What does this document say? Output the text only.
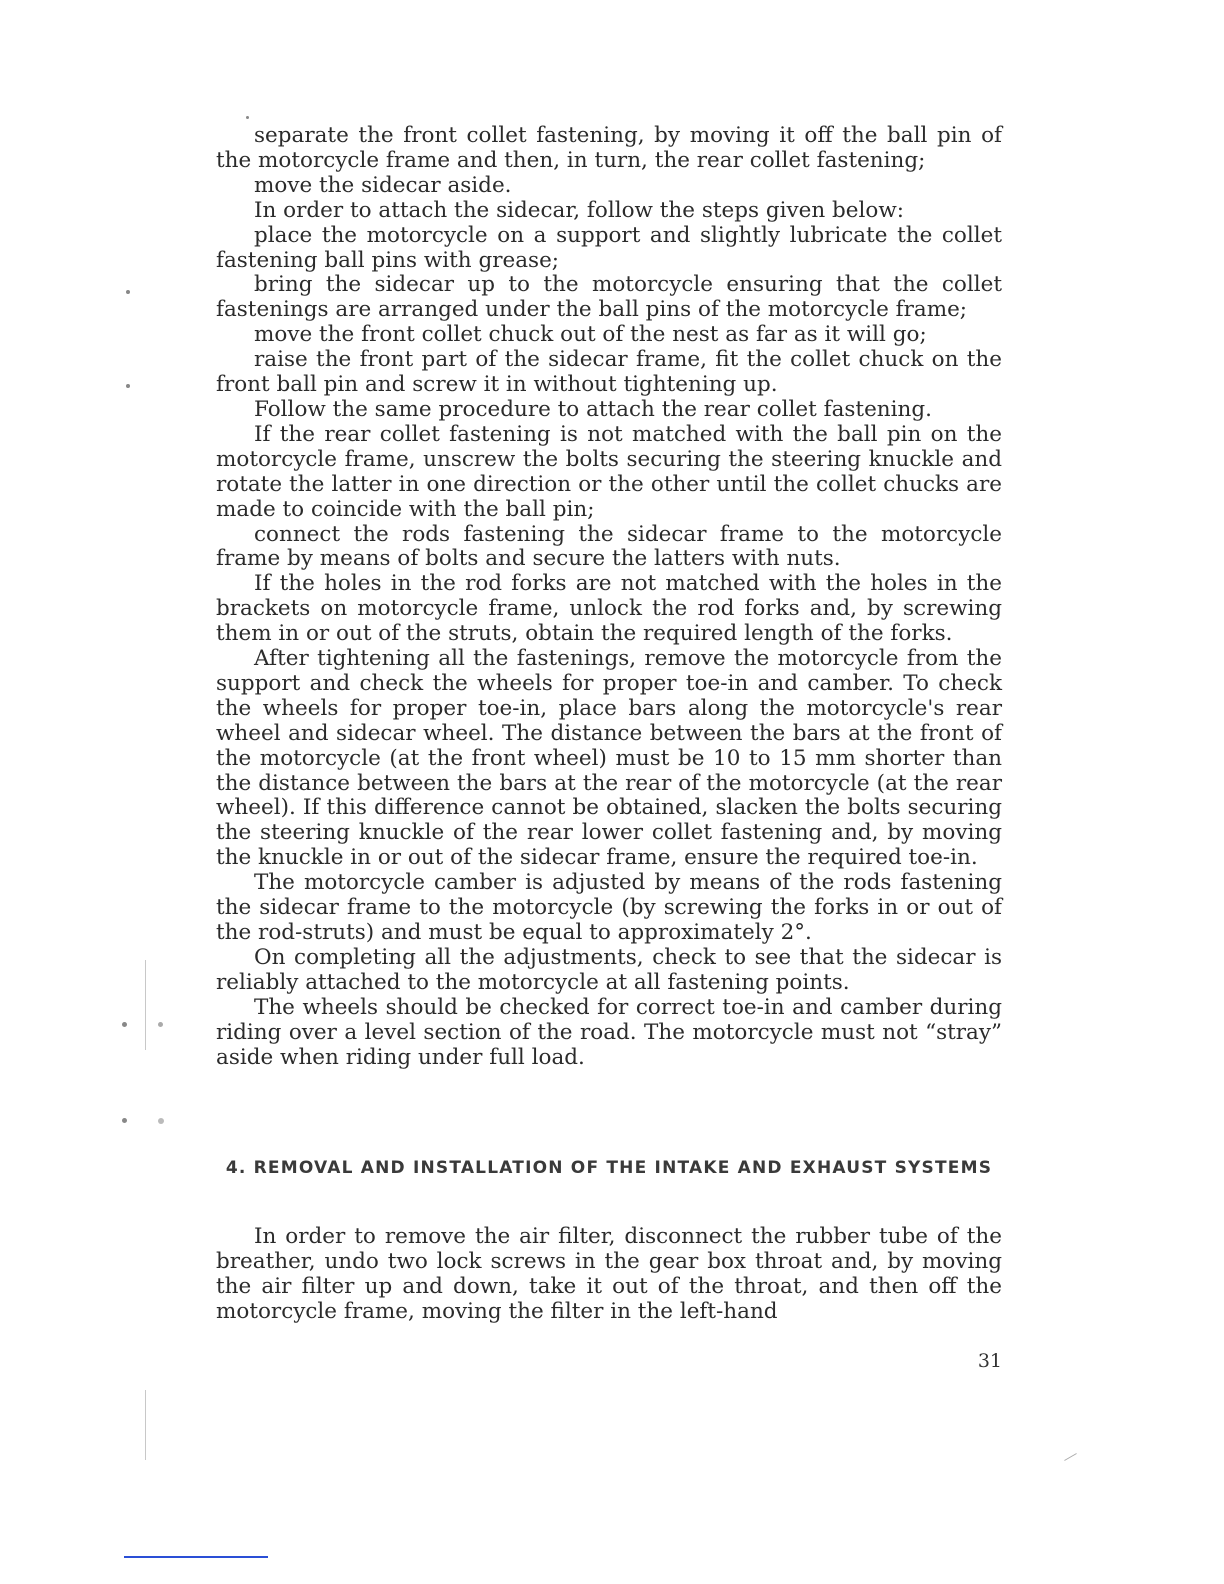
separate the front collet fastening, by moving it off the ball pin of the motorcycle frame and then, in turn, the rear collet fastening;

move the sidecar aside.

In order to attach the sidecar, follow the steps given below:

place the motorcycle on a support and slightly lubricate the collet fastening ball pins with grease;

bring the sidecar up to the motorcycle ensuring that the collet fastenings are arranged under the ball pins of the motorcycle frame;

move the front collet chuck out of the nest as far as it will go;

raise the front part of the sidecar frame, fit the collet chuck on the front ball pin and screw it in without tightening up.

Follow the same procedure to attach the rear collet fastening.

If the rear collet fastening is not matched with the ball pin on the motorcycle frame, unscrew the bolts securing the steering knuckle and rotate the latter in one direction or the other until the collet chucks are made to coincide with the ball pin;

connect the rods fastening the sidecar frame to the motorcycle frame by means of bolts and secure the latters with nuts.

If the holes in the rod forks are not matched with the holes in the brackets on motorcycle frame, unlock the rod forks and, by screwing them in or out of the struts, obtain the required length of the forks.

After tightening all the fastenings, remove the motorcycle from the support and check the wheels for proper toe-in and camber. To check the wheels for proper toe-in, place bars along the motorcycle's rear wheel and sidecar wheel. The distance between the bars at the front of the motorcycle (at the front wheel) must be 10 to 15 mm shorter than the distance between the bars at the rear of the motorcycle (at the rear wheel). If this difference cannot be obtained, slacken the bolts securing the steering knuckle of the rear lower collet fastening and, by moving the knuckle in or out of the sidecar frame, ensure the required toe-in.

The motorcycle camber is adjusted by means of the rods fastening the sidecar frame to the motorcycle (by screwing the forks in or out of the rod-struts) and must be equal to approximately 2°.

On completing all the adjustments, check to see that the sidecar is reliably attached to the motorcycle at all fastening points.

The wheels should be checked for correct toe-in and camber during riding over a level section of the road. The motorcycle must not “stray” aside when riding under full load.

4. REMOVAL AND INSTALLATION OF THE INTAKE AND EXHAUST SYSTEMS

In order to remove the air filter, disconnect the rubber tube of the breather, undo two lock screws in the gear box throat and, by moving the air filter up and down, take it out of the throat, and then off the motorcycle frame, moving the filter in the left-hand

31
